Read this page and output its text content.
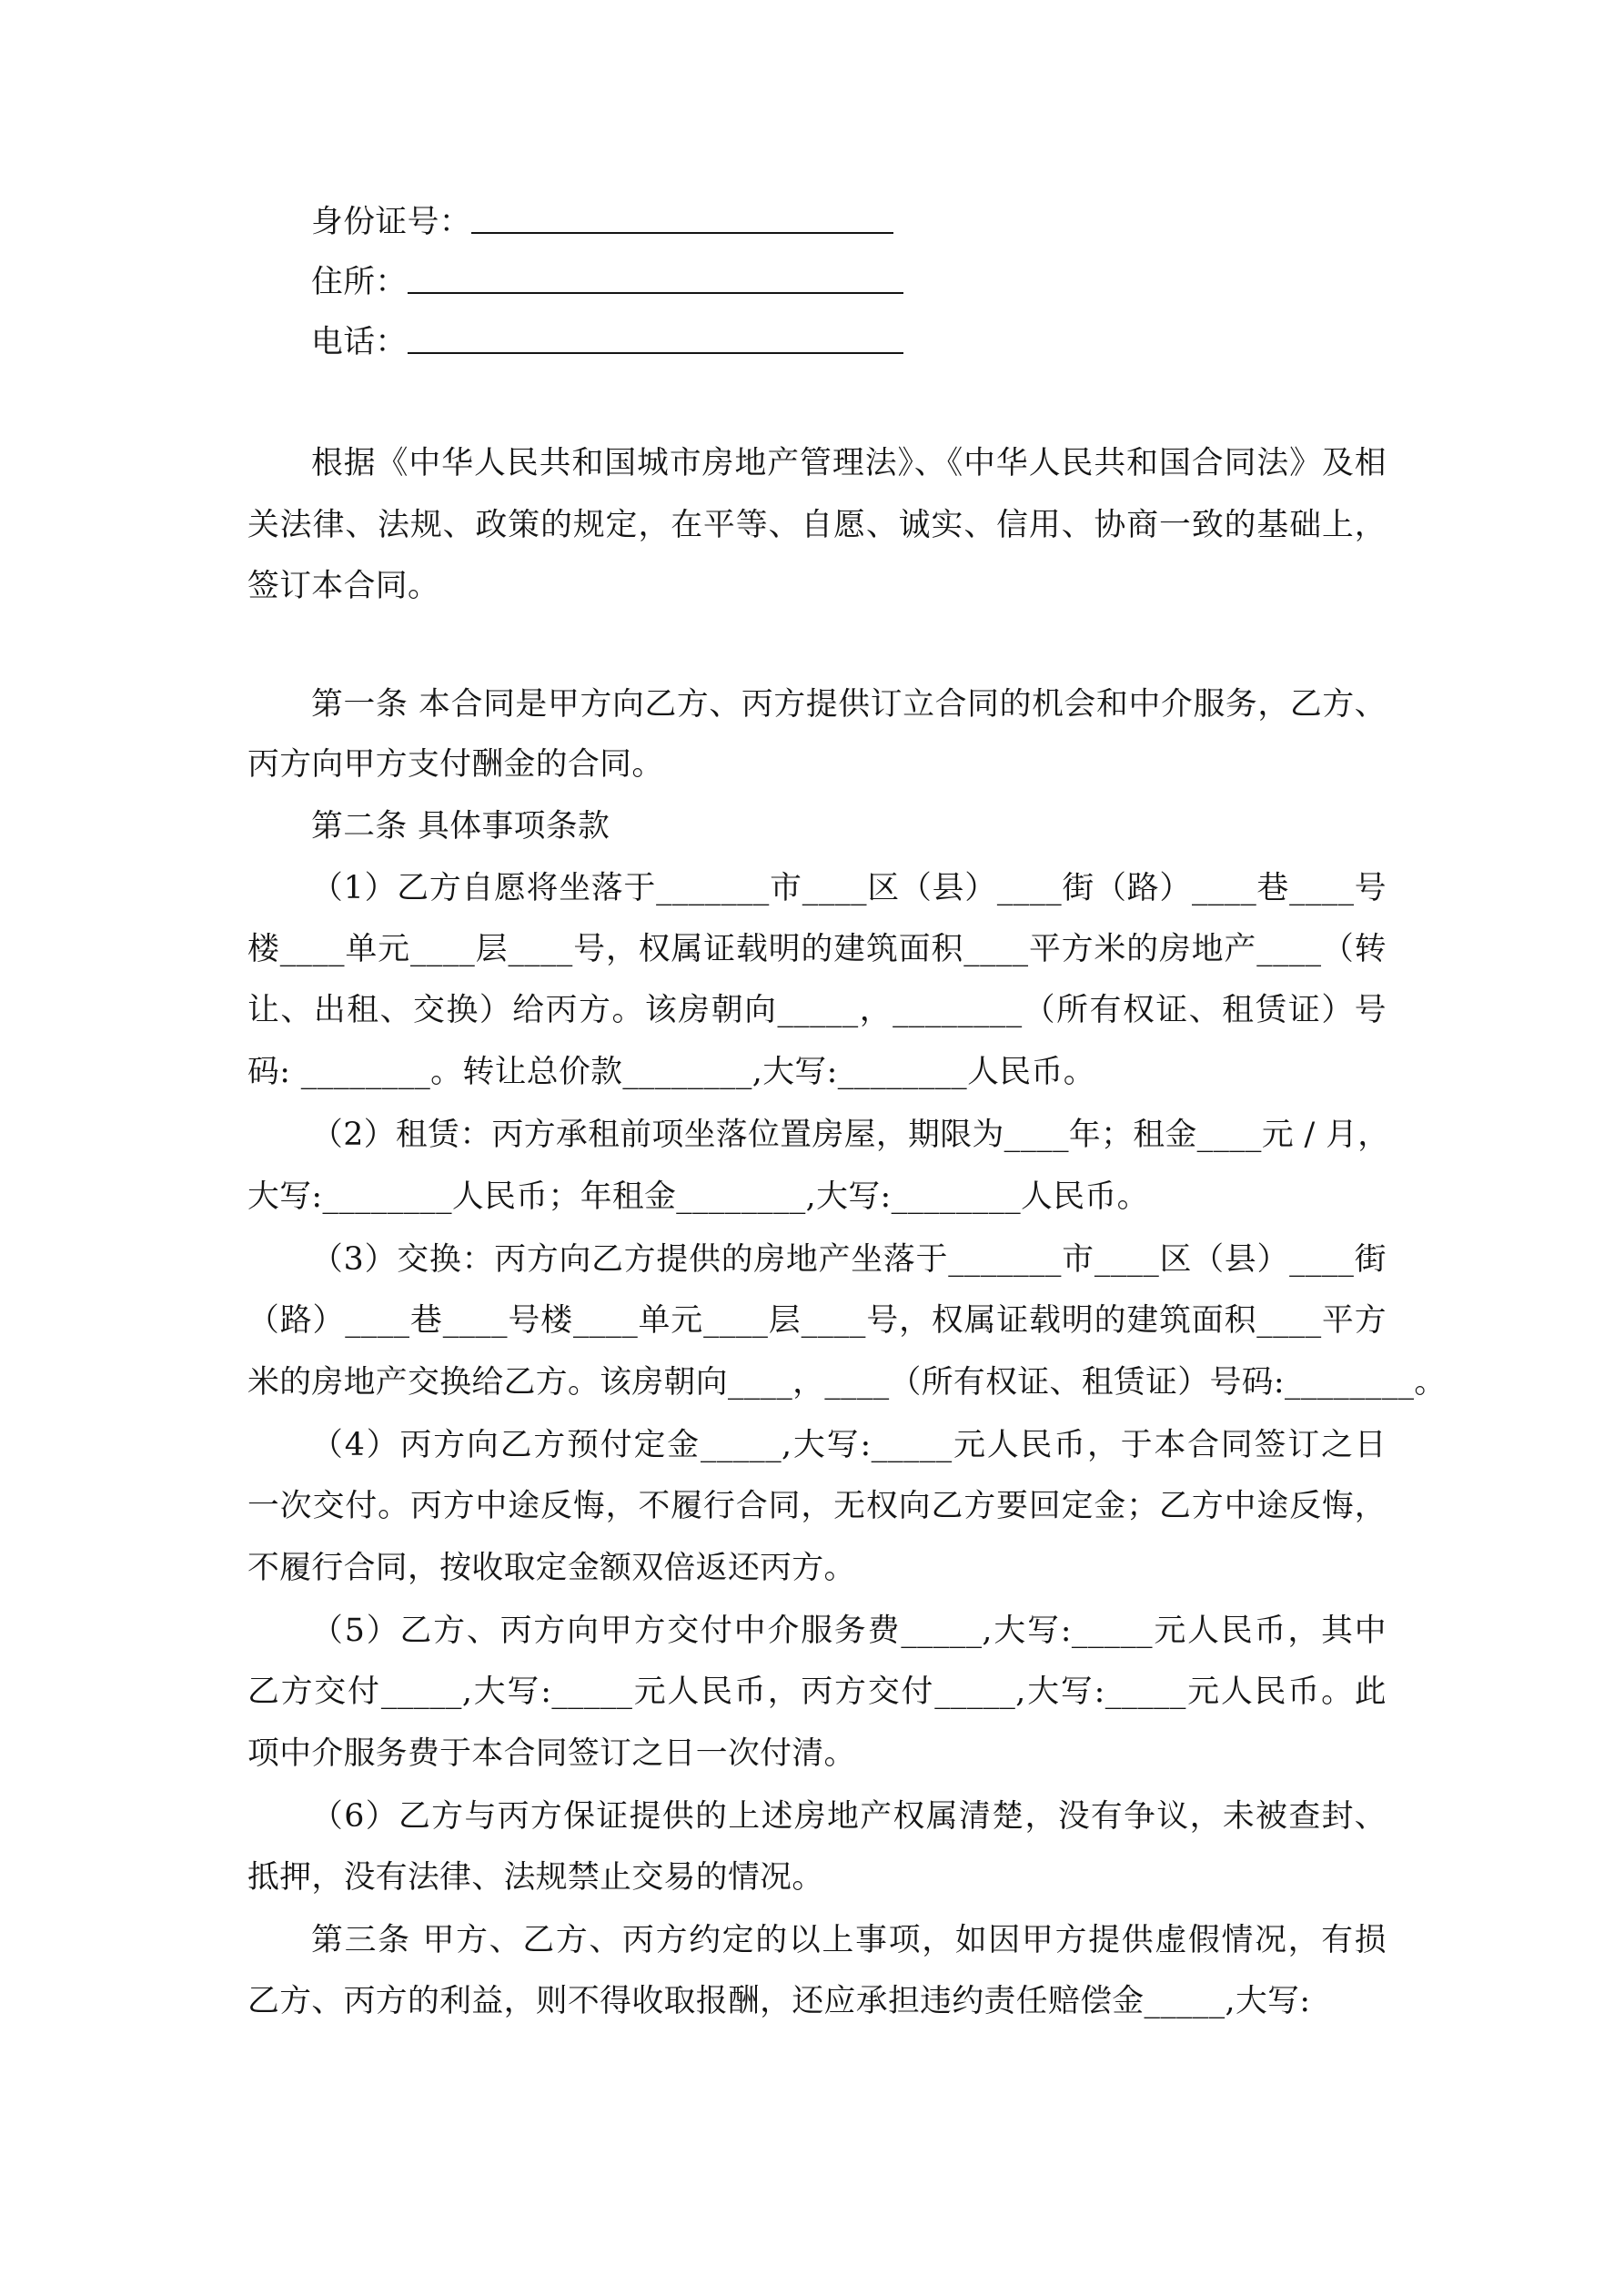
身份证号：
住所：
电话：
根据《中华人民共和国城市房地产管理法》、《中华人民共和国合同法》及相
关法律、法规、政策的规定，在平等、自愿、诚实、信用、协商一致的基础上，
签订本合同。
第一条 本合同是甲方向乙方、丙方提供订立合同的机会和中介服务，乙方、
丙方向甲方支付酬金的合同。
第二条 具体事项条款
（1）乙方自愿将坐落于_______市____区（县）____街（路）____巷____号
楼____单元____层____号，权属证载明的建筑面积____平方米的房地产____（转
让、出租、交换）给丙方。该房朝向_____，________（所有权证、租赁证）号
码: ________。转让总价款________,大写:________人民币。
（2）租赁：丙方承租前项坐落位置房屋，期限为____年；租金____元 / 月，
大写:________人民币；年租金________,大写:________人民币。
（3）交换：丙方向乙方提供的房地产坐落于_______市____区（县）____街
（路）____巷____号楼____单元____层____号，权属证载明的建筑面积____平方
米的房地产交换给乙方。该房朝向____，____（所有权证、租赁证）号码:________。
（4）丙方向乙方预付定金_____,大写:_____元人民币，于本合同签订之日
一次交付。丙方中途反悔，不履行合同，无权向乙方要回定金；乙方中途反悔，
不履行合同，按收取定金额双倍返还丙方。
（5）乙方、丙方向甲方交付中介服务费_____,大写:_____元人民币，其中
乙方交付_____,大写:_____元人民币，丙方交付_____,大写:_____元人民币。此
项中介服务费于本合同签订之日一次付清。
（6）乙方与丙方保证提供的上述房地产权属清楚，没有争议，未被查封、
抵押，没有法律、法规禁止交易的情况。
第三条 甲方、乙方、丙方约定的以上事项，如因甲方提供虚假情况，有损
乙方、丙方的利益，则不得收取报酬，还应承担违约责任赔偿金_____,大写:
